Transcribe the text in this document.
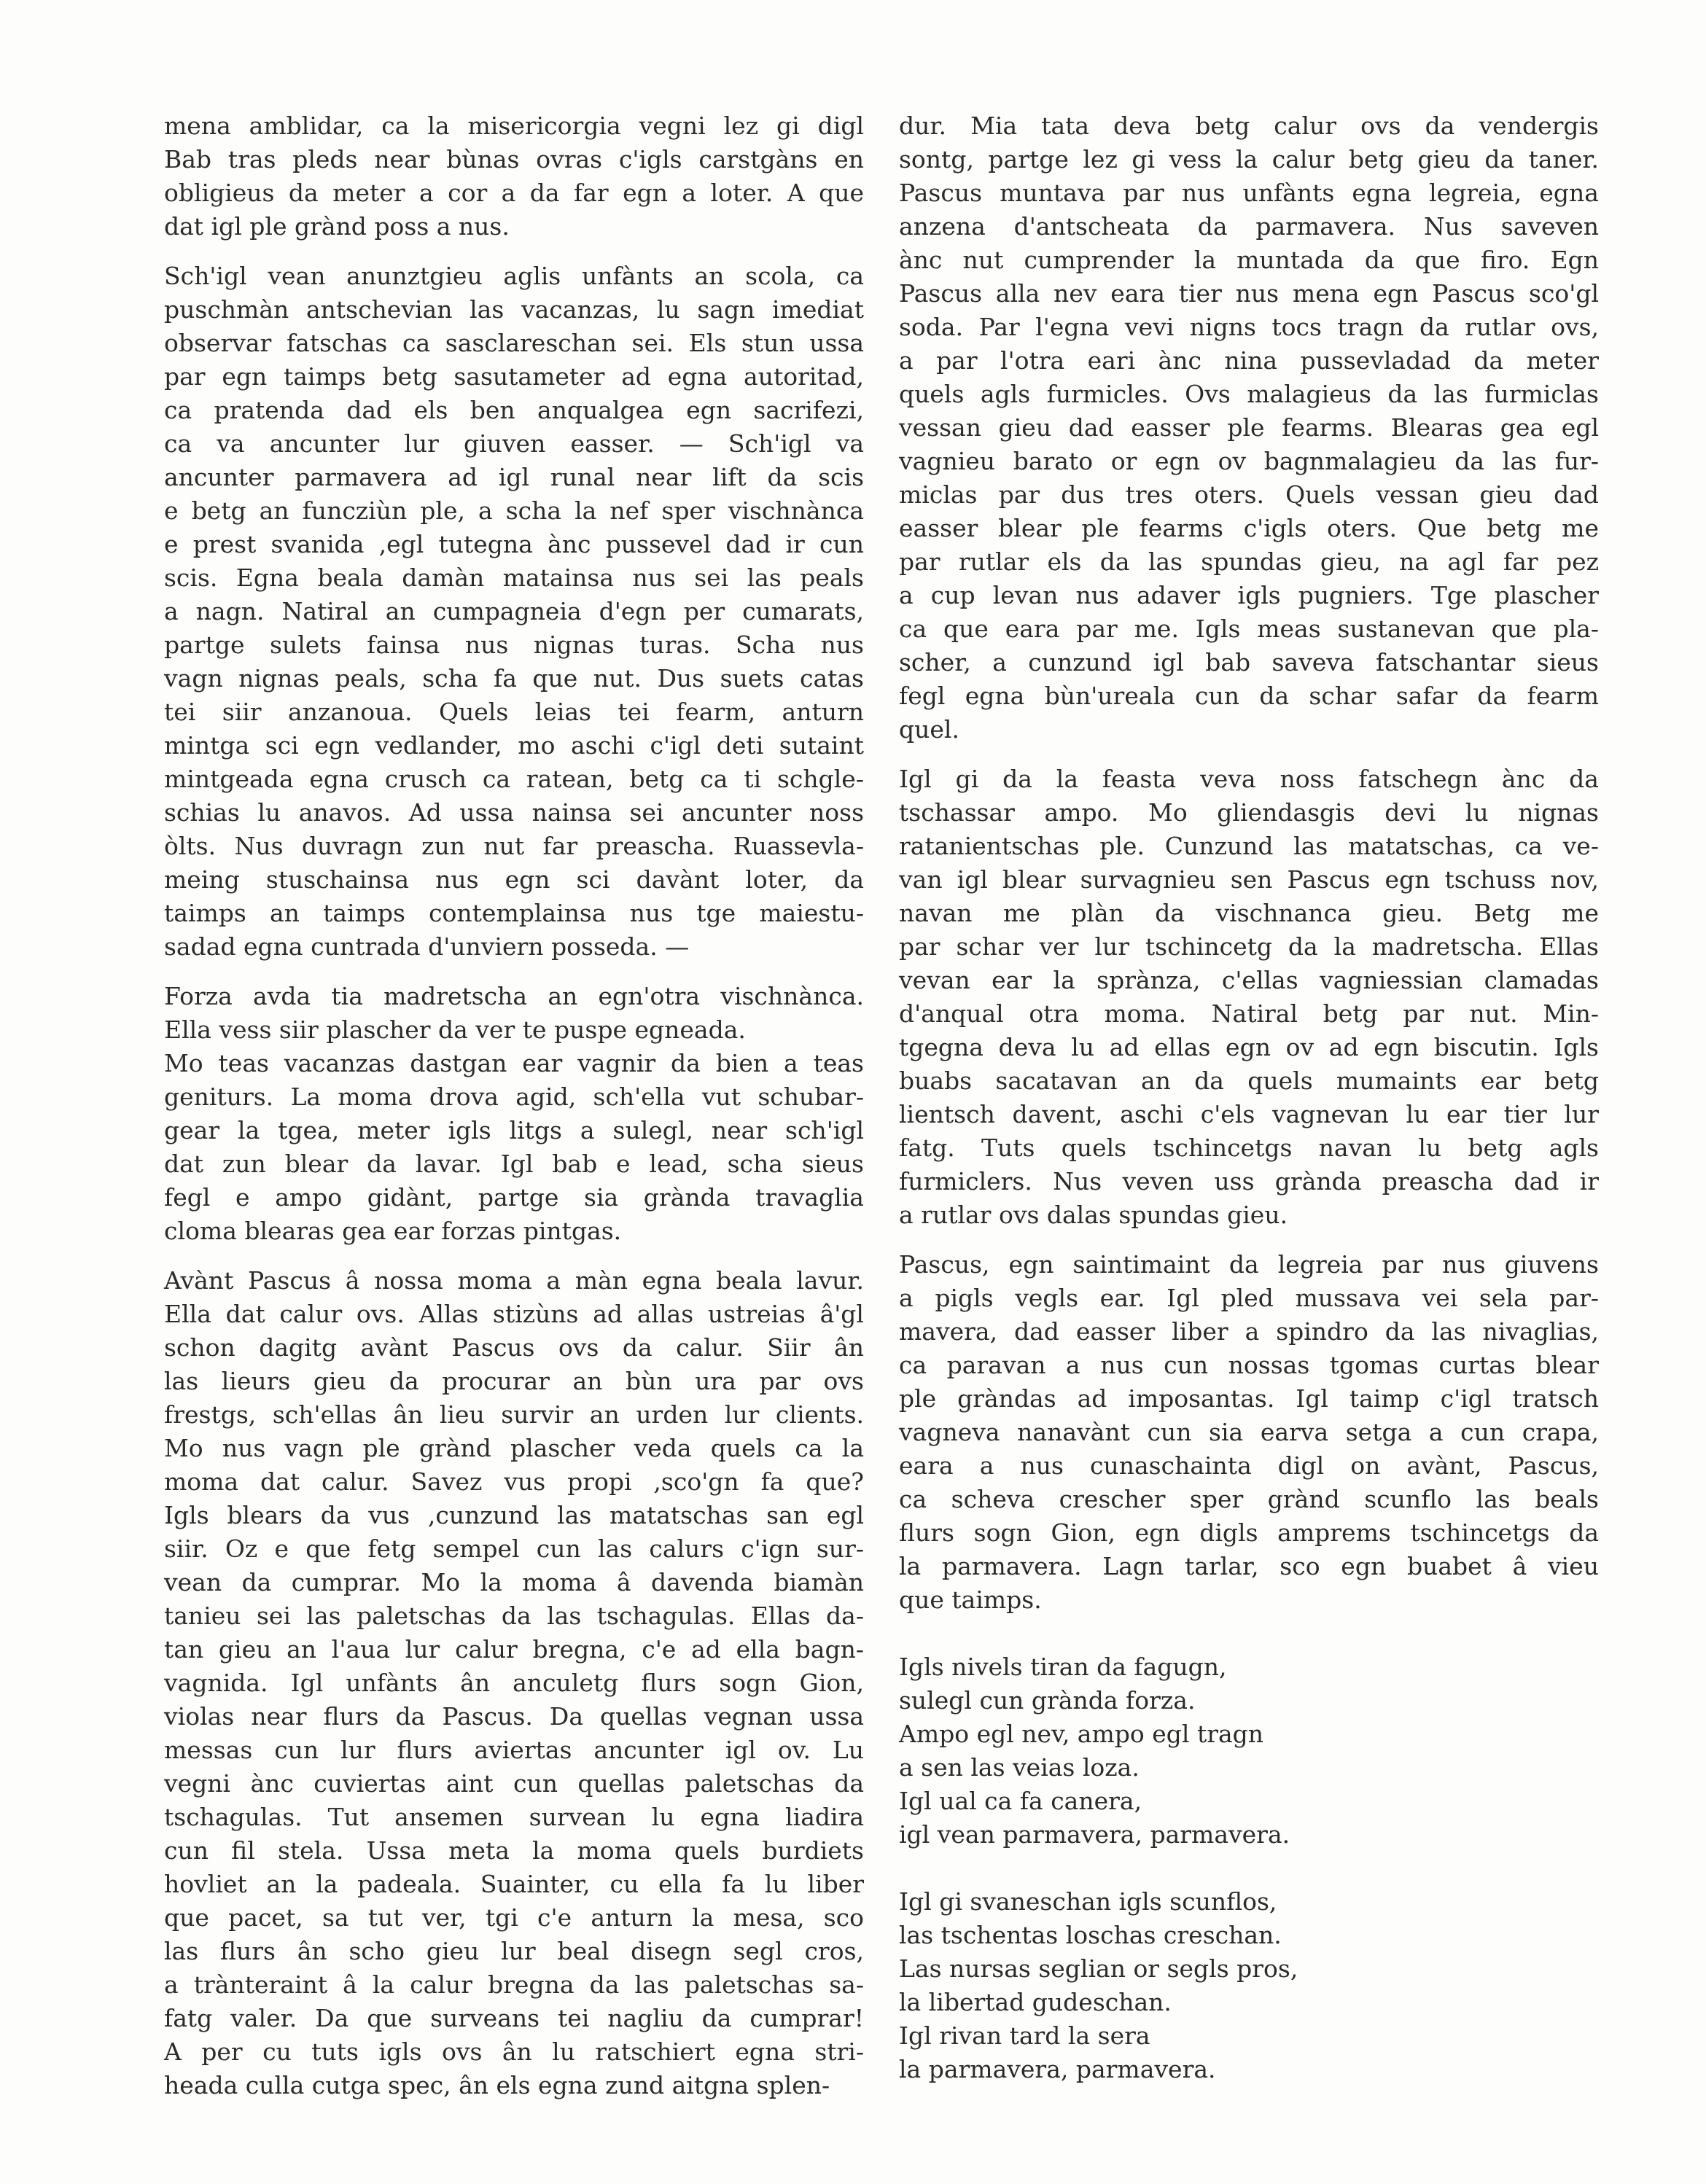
mena amblidar, ca la misericorgia vegni lez gi digl
Bab tras pleds near bùnas ovras c'igls carstgàns en
obligieus da meter a cor a da far egn a loter. A que
dat igl ple grànd poss a nus.
Sch'igl vean anunztgieu aglis unfànts an scola, ca
puschmàn antschevian las vacanzas, lu sagn imediat
observar fatschas ca sasclareschan sei. Els stun ussa
par egn taimps betg sasutameter ad egna autoritad,
ca pratenda dad els ben anqualgea egn sacrifezi,
ca va ancunter lur giuven easser. — Sch'igl va
ancunter parmavera ad igl runal near lift da scis
e betg an funcziùn ple, a scha la nef sper vischnànca
e prest svanida ,egl tutegna ànc pussevel dad ir cun
scis. Egna beala damàn matainsa nus sei las peals
a nagn. Natiral an cumpagneia d'egn per cumarats,
partge sulets fainsa nus nignas turas. Scha nus
vagn nignas peals, scha fa que nut. Dus suets catas
tei siir anzanoua. Quels leias tei fearm, anturn
mintga sci egn vedlander, mo aschi c'igl deti sutaint
mintgeada egna crusch ca ratean, betg ca ti schgle-
schias lu anavos. Ad ussa nainsa sei ancunter noss
òlts. Nus duvragn zun nut far preascha. Ruassevla-
meing stuschainsa nus egn sci davànt loter, da
taimps an taimps contemplainsa nus tge maiestu-
sadad egna cuntrada d'unviern posseda. —
Forza avda tia madretscha an egn'otra vischnànca.
Ella vess siir plascher da ver te puspe egneada.
Mo teas vacanzas dastgan ear vagnir da bien a teas
geniturs. La moma drova agid, sch'ella vut schubar-
gear la tgea, meter igls litgs a sulegl, near sch'igl
dat zun blear da lavar. Igl bab e lead, scha sieus
fegl e ampo gidànt, partge sia grànda travaglia
cloma blearas gea ear forzas pintgas.
Avànt Pascus â nossa moma a màn egna beala lavur.
Ella dat calur ovs. Allas stizùns ad allas ustreias â'gl
schon dagitg avànt Pascus ovs da calur. Siir ân
las lieurs gieu da procurar an bùn ura par ovs
frestgs, sch'ellas ân lieu survir an urden lur clients.
Mo nus vagn ple grànd plascher veda quels ca la
moma dat calur. Savez vus propi ,sco'gn fa que?
Igls blears da vus ,cunzund las matatschas san egl
siir. Oz e que fetg sempel cun las calurs c'ign sur-
vean da cumprar. Mo la moma â davenda biamàn
tanieu sei las paletschas da las tschagulas. Ellas da-
tan gieu an l'aua lur calur bregna, c'e ad ella bagn-
vagnida. Igl unfànts ân anculetg flurs sogn Gion,
violas near flurs da Pascus. Da quellas vegnan ussa
messas cun lur flurs aviertas ancunter igl ov. Lu
vegni ànc cuviertas aint cun quellas paletschas da
tschagulas. Tut ansemen survean lu egna liadira
cun fil stela. Ussa meta la moma quels burdiets
hovliet an la padeala. Suainter, cu ella fa lu liber
que pacet, sa tut ver, tgi c'e anturn la mesa, sco
las flurs ân scho gieu lur beal disegn segl cros,
a trànteraint â la calur bregna da las paletschas sa-
fatg valer. Da que surveans tei nagliu da cumprar!
A per cu tuts igls ovs ân lu ratschiert egna stri-
heada culla cutga spec, ân els egna zund aitgna splen-
dur. Mia tata deva betg calur ovs da vendergis
sontg, partge lez gi vess la calur betg gieu da taner.
Pascus muntava par nus unfànts egna legreia, egna
anzena d'antscheata da parmavera. Nus saveven
ànc nut cumprender la muntada da que firo. Egn
Pascus alla nev eara tier nus mena egn Pascus sco'gl
soda. Par l'egna vevi nigns tocs tragn da rutlar ovs,
a par l'otra eari ànc nina pussevladad da meter
quels agls furmicles. Ovs malagieus da las furmiclas
vessan gieu dad easser ple fearms. Blearas gea egl
vagnieu barato or egn ov bagnmalagieu da las fur-
miclas par dus tres oters. Quels vessan gieu dad
easser blear ple fearms c'igls oters. Que betg me
par rutlar els da las spundas gieu, na agl far pez
a cup levan nus adaver igls pugniers. Tge plascher
ca que eara par me. Igls meas sustanevan que pla-
scher, a cunzund igl bab saveva fatschantar sieus
fegl egna bùn'ureala cun da schar safar da fearm
quel.
Igl gi da la feasta veva noss fatschegn ànc da
tschassar ampo. Mo gliendasgis devi lu nignas
ratanientschas ple. Cunzund las matatschas, ca ve-
van igl blear survagnieu sen Pascus egn tschuss nov,
navan me plàn da vischnanca gieu. Betg me
par schar ver lur tschincetg da la madretscha. Ellas
vevan ear la sprànza, c'ellas vagniessian clamadas
d'anqual otra moma. Natiral betg par nut. Min-
tgegna deva lu ad ellas egn ov ad egn biscutin. Igls
buabs sacatavan an da quels mumaints ear betg
lientsch davent, aschi c'els vagnevan lu ear tier lur
fatg. Tuts quels tschincetgs navan lu betg agls
furmiclers. Nus veven uss grànda preascha dad ir
a rutlar ovs dalas spundas gieu.
Pascus, egn saintimaint da legreia par nus giuvens
a pigls vegls ear. Igl pled mussava vei sela par-
mavera, dad easser liber a spindro da las nivaglias,
ca paravan a nus cun nossas tgomas curtas blear
ple gràndas ad imposantas. Igl taimp c'igl tratsch
vagneva nanavànt cun sia earva setga a cun crapa,
eara a nus cunaschainta digl on avànt, Pascus,
ca scheva crescher sper grànd scunflo las beals
flurs sogn Gion, egn digls amprems tschincetgs da
la parmavera. Lagn tarlar, sco egn buabet â vieu
que taimps.
Igls nivels tiran da fagugn,
sulegl cun grànda forza.
Ampo egl nev, ampo egl tragn
a sen las veias loza.
Igl ual ca fa canera,
igl vean parmavera, parmavera.
Igl gi svaneschan igls scunflos,
las tschentas loschas creschan.
Las nursas seglian or segls pros,
la libertad gudeschan.
Igl rivan tard la sera
la parmavera, parmavera.
